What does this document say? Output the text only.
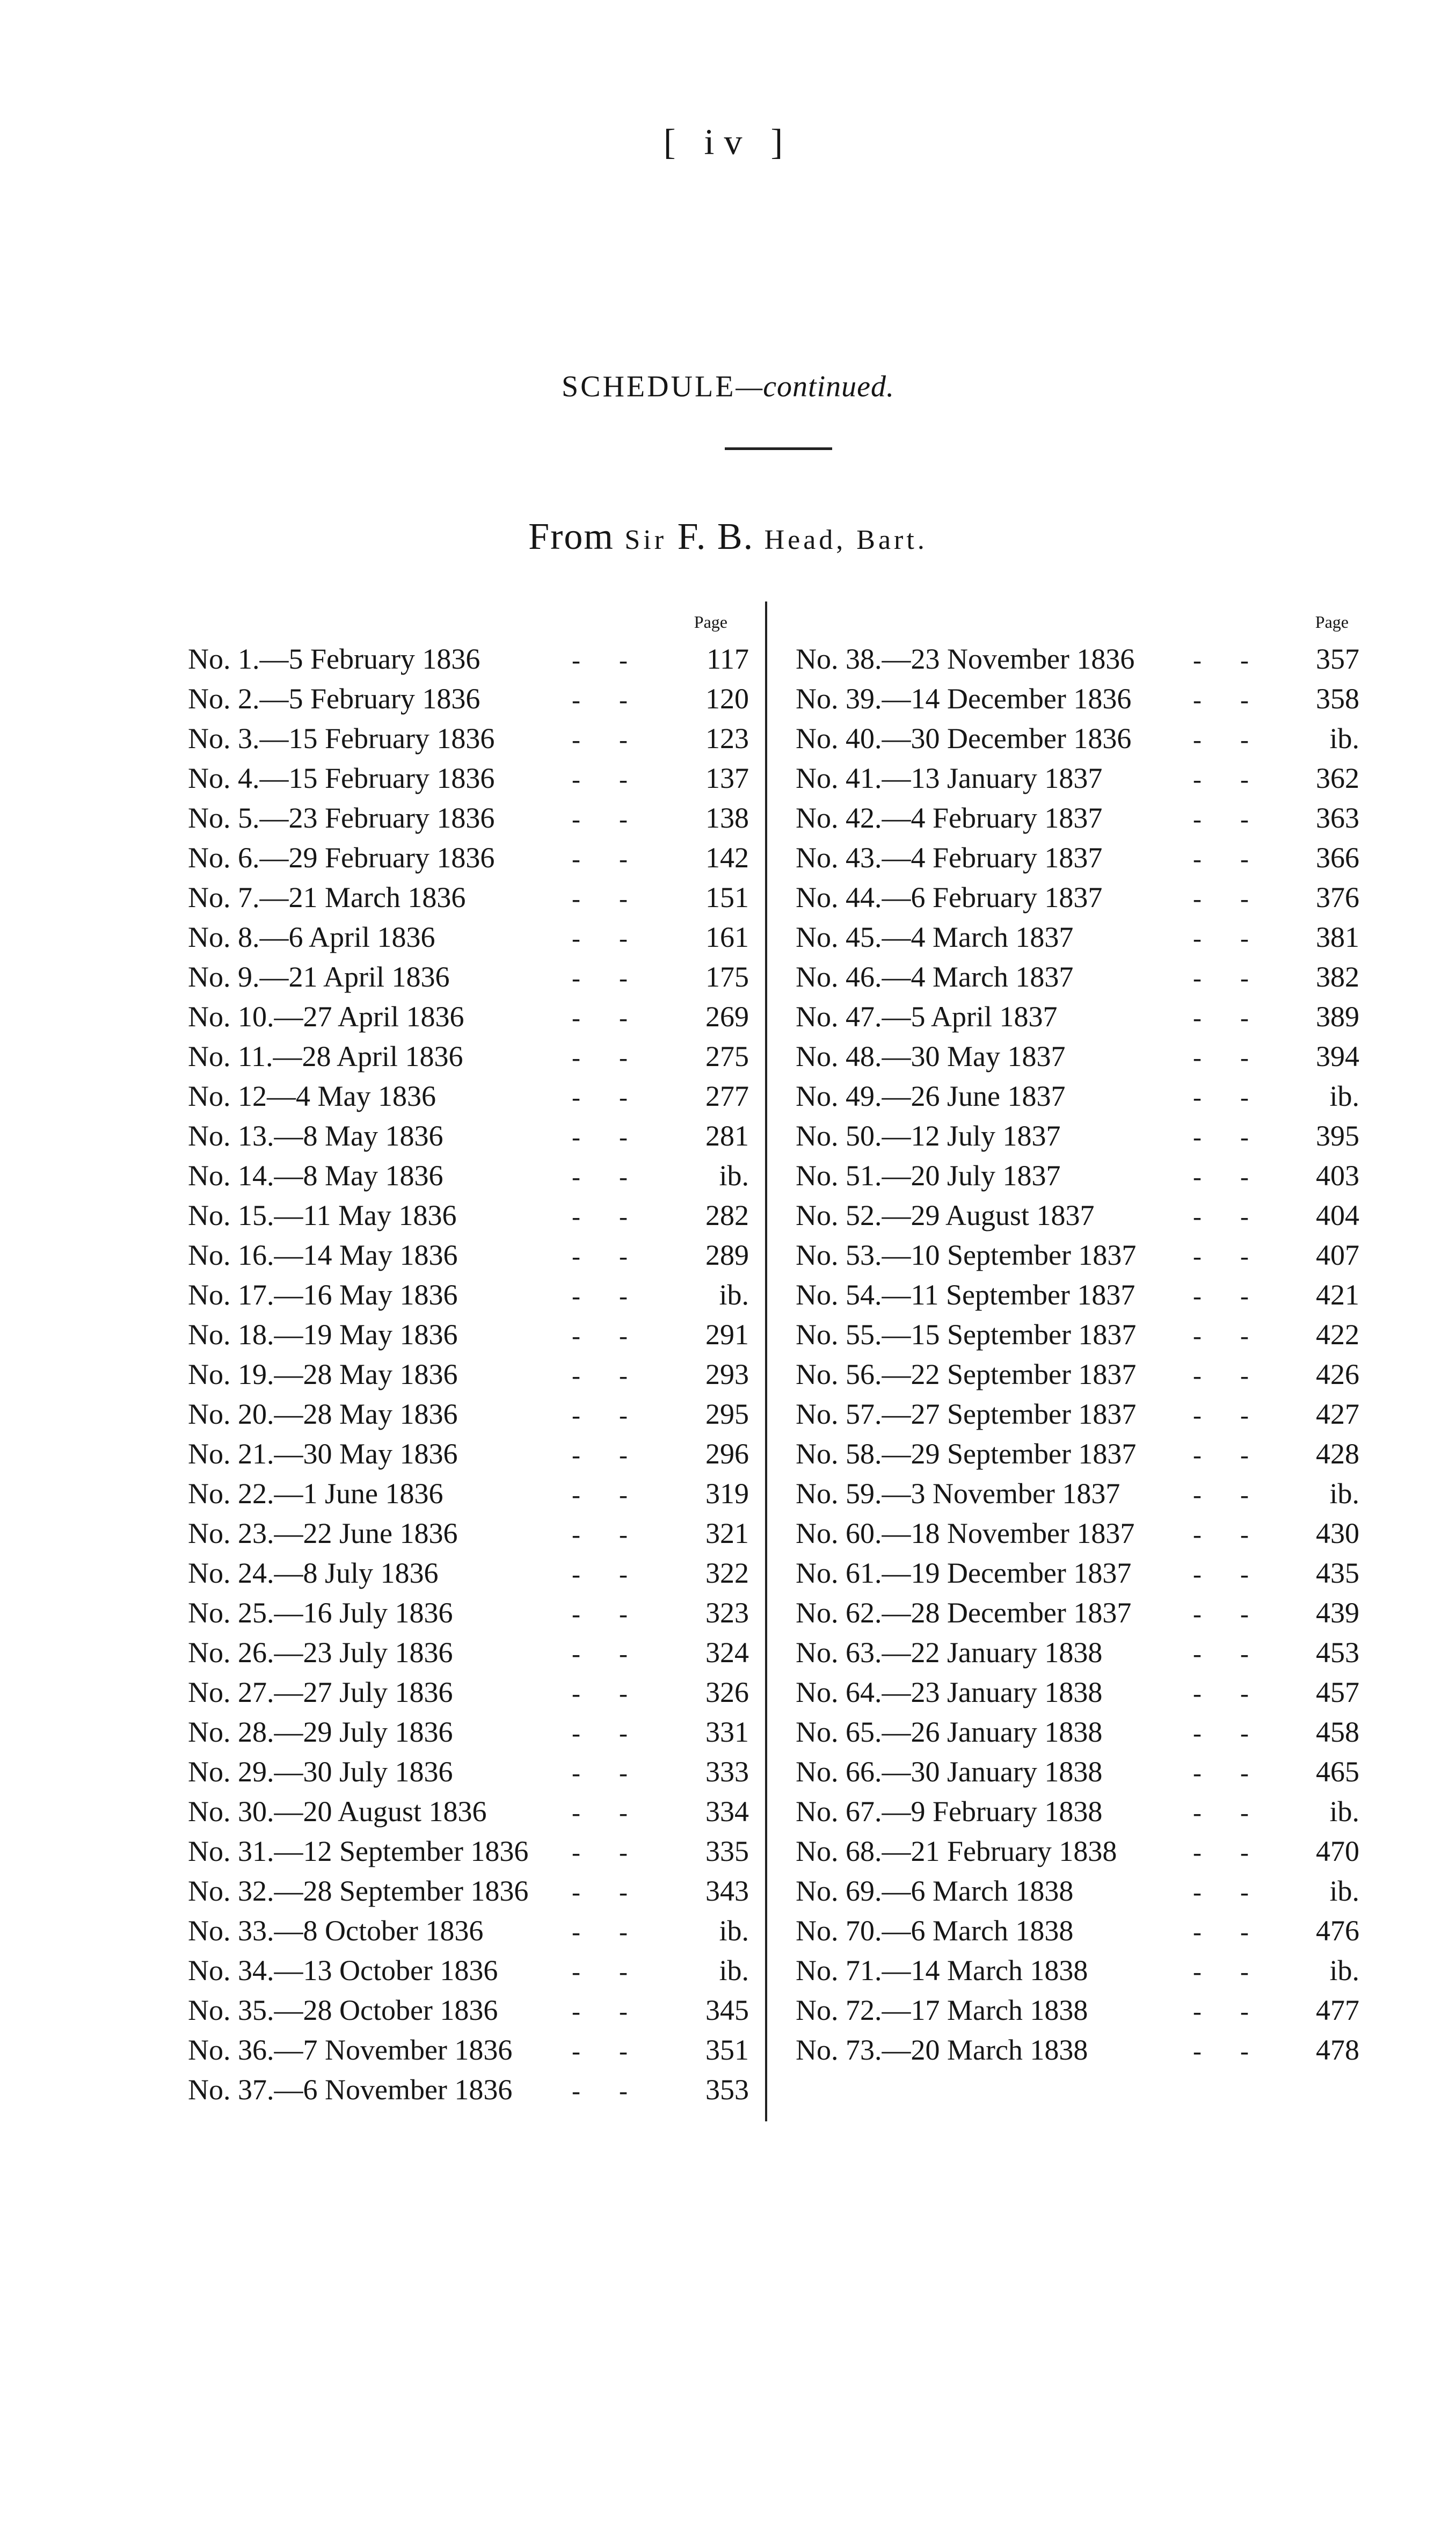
[ iv ]
SCHEDULE—continued.
From Sir F. B. Head, Bart.
Page
No. 1.—5 February 1836 - -	117
No. 2.—5 February 1836 - -	120
No. 3.—15 February 1836 - -	123
No. 4.—15 February 1836 - -	137
No. 5.—23 February 1836 - -	138
No. 6.—29 February 1836 - -	142
No. 7.—21 March 1836 - -	151
No. 8.—6 April 1836 - -	161
No. 9.—21 April 1836 - -	175
No. 10.—27 April 1836 - -	269
No. 11.—28 April 1836 - -	275
No. 12—4 May 1836 - -	277
No. 13.—8 May 1836 - -	281
No. 14.—8 May 1836 - -	ib.
No. 15.—11 May 1836 - -	282
No. 16.—14 May 1836 - -	289
No. 17.—16 May 1836 - -	ib.
No. 18.—19 May 1836 - -	291
No. 19.—28 May 1836 - -	293
No. 20.—28 May 1836 - -	295
No. 21.—30 May 1836 - -	296
No. 22.—1 June 1836 - -	319
No. 23.—22 June 1836 - -	321
No. 24.—8 July 1836 - -	322
No. 25.—16 July 1836 - -	323
No. 26.—23 July 1836 - -	324
No. 27.—27 July 1836 - -	326
No. 28.—29 July 1836 - -	331
No. 29.—30 July 1836 - -	333
No. 30.—20 August 1836 - -	334
No. 31.—12 September 1836 - -	335
No. 32.—28 September 1836 - -	343
No. 33.—8 October 1836 - -	ib.
No. 34.—13 October 1836 - -	ib.
No. 35.—28 October 1836 - -	345
No. 36.—7 November 1836 - -	351
No. 37.—6 November 1836 - -	353
Page
No. 38.—23 November 1836 - -	357
No. 39.—14 December 1836 - -	358
No. 40.—30 December 1836 - -	ib.
No. 41.—13 January 1837 - -	362
No. 42.—4 February 1837 - -	363
No. 43.—4 February 1837 - -	366
No. 44.—6 February 1837 - -	376
No. 45.—4 March 1837 - -	381
No. 46.—4 March 1837 - -	382
No. 47.—5 April 1837 - -	389
No. 48.—30 May 1837 - -	394
No. 49.—26 June 1837 - -	ib.
No. 50.—12 July 1837 - -	395
No. 51.—20 July 1837 - -	403
No. 52.—29 August 1837 - -	404
No. 53.—10 September 1837 - -	407
No. 54.—11 September 1837 - -	421
No. 55.—15 September 1837 - -	422
No. 56.—22 September 1837 - -	426
No. 57.—27 September 1837 - -	427
No. 58.—29 September 1837 - -	428
No. 59.—3 November 1837 - -	ib.
No. 60.—18 November 1837 - -	430
No. 61.—19 December 1837 - -	435
No. 62.—28 December 1837 - -	439
No. 63.—22 January 1838 - -	453
No. 64.—23 January 1838 - -	457
No. 65.—26 January 1838 - -	458
No. 66.—30 January 1838 - -	465
No. 67.—9 February 1838 - -	ib.
No. 68.—21 February 1838 - -	470
No. 69.—6 March 1838 - -	ib.
No. 70.—6 March 1838 - -	476
No. 71.—14 March 1838 - -	ib.
No. 72.—17 March 1838 - -	477
No. 73.—20 March 1838 - -	478
